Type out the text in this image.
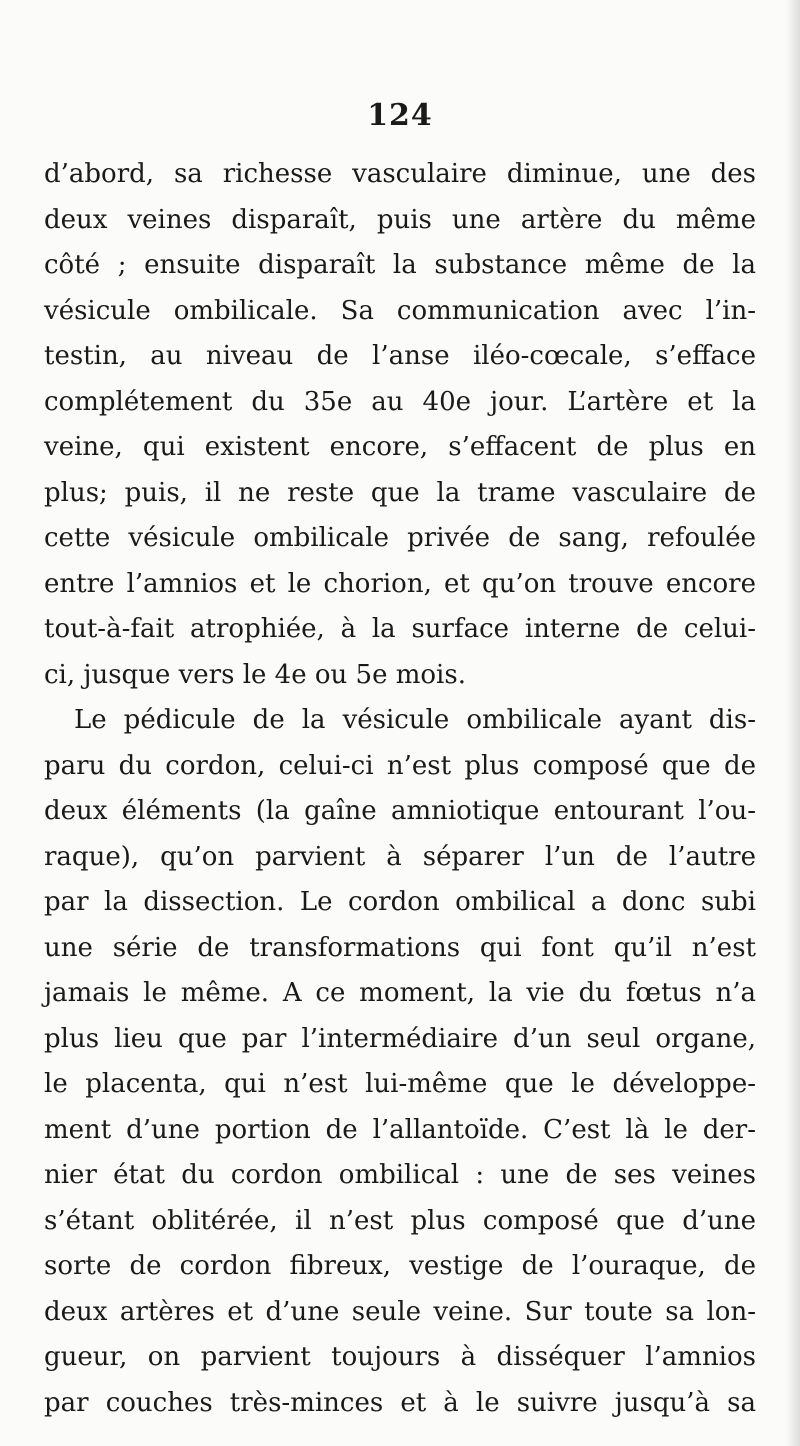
124
d’abord, sa richesse vasculaire diminue, une des
deux veines disparaît, puis une artère du même
côté ; ensuite disparaît la substance même de la
vésicule ombilicale. Sa communication avec l’in-
testin, au niveau de l’anse iléo-cœcale, s’efface
complétement du 35e au 40e jour. L’artère et la
veine, qui existent encore, s’effacent de plus en
plus; puis, il ne reste que la trame vasculaire de
cette vésicule ombilicale privée de sang, refoulée
entre l’amnios et le chorion, et qu’on trouve encore
tout-à-fait atrophiée, à la surface interne de celui-
ci, jusque vers le 4e ou 5e mois.
Le pédicule de la vésicule ombilicale ayant dis-
paru du cordon, celui-ci n’est plus composé que de
deux éléments (la gaîne amniotique entourant l’ou-
raque), qu’on parvient à séparer l’un de l’autre
par la dissection. Le cordon ombilical a donc subi
une série de transformations qui font qu’il n’est
jamais le même. A ce moment, la vie du fœtus n’a
plus lieu que par l’intermédiaire d’un seul organe,
le placenta, qui n’est lui-même que le développe-
ment d’une portion de l’allantoïde. C’est là le der-
nier état du cordon ombilical : une de ses veines
s’étant oblitérée, il n’est plus composé que d’une
sorte de cordon fibreux, vestige de l’ouraque, de
deux artères et d’une seule veine. Sur toute sa lon-
gueur, on parvient toujours à disséquer l’amnios
par couches très-minces et à le suivre jusqu’à sa
